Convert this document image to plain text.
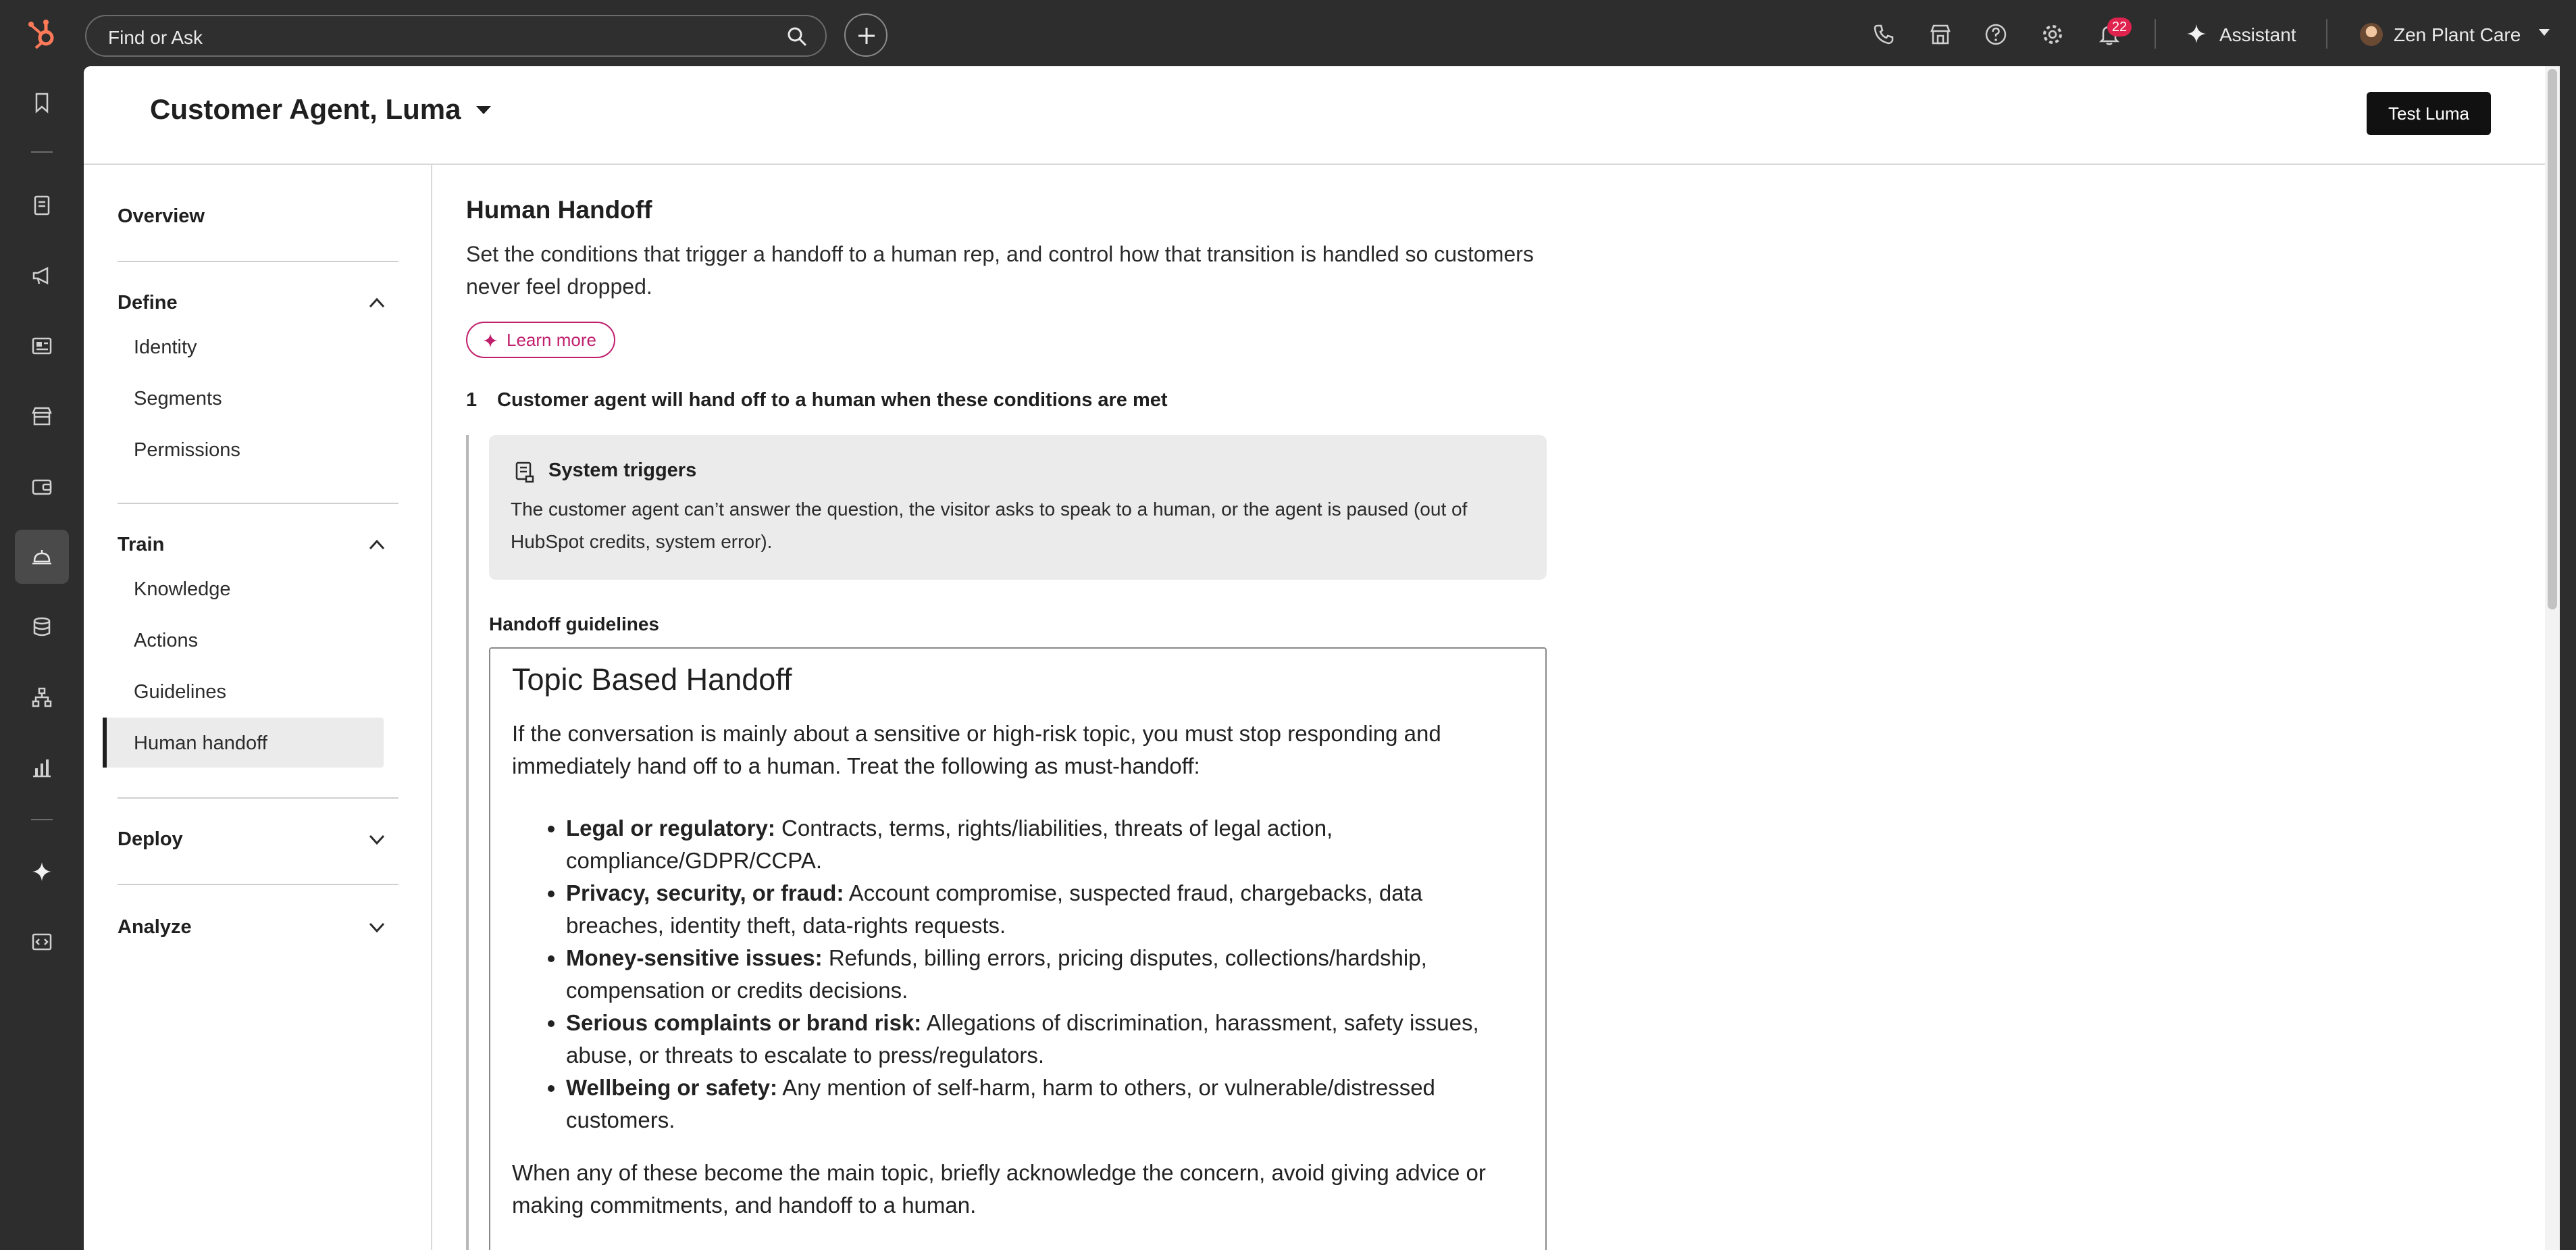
Find or Ask	22	Assistant	Zen Plant Care
Customer Agent, Luma	Test Luma
Overview
Define
Identity
Segments
Permissions
Train
Knowledge
Actions
Guidelines
Human handoff
Deploy
Analyze
Human Handoff

Set the conditions that trigger a handoff to a human rep, and control how that transition is handled so customers never feel dropped.

Learn more
1 Customer agent will hand off to a human when these conditions are met
System triggers

The customer agent can’t answer the question, the visitor asks to speak to a human, or the agent is paused (out of HubSpot credits, system error).

Handoff guidelines
Topic Based Handoff

If the conversation is mainly about a sensitive or high-risk topic, you must stop responding and immediately hand off to a human. Treat the following as must-handoff:

• Legal or regulatory: Contracts, terms, rights/liabilities, threats of legal action, compliance/GDPR/CCPA.
• Privacy, security, or fraud: Account compromise, suspected fraud, chargebacks, data breaches, identity theft, data-rights requests.
• Money-sensitive issues: Refunds, billing errors, pricing disputes, collections/hardship, compensation or credits decisions.
• Serious complaints or brand risk: Allegations of discrimination, harassment, safety issues, abuse, or threats to escalate to press/regulators.
• Wellbeing or safety: Any mention of self-harm, harm to others, or vulnerable/distressed customers.

When any of these become the main topic, briefly acknowledge the concern, avoid giving advice or making commitments, and handoff to a human.
